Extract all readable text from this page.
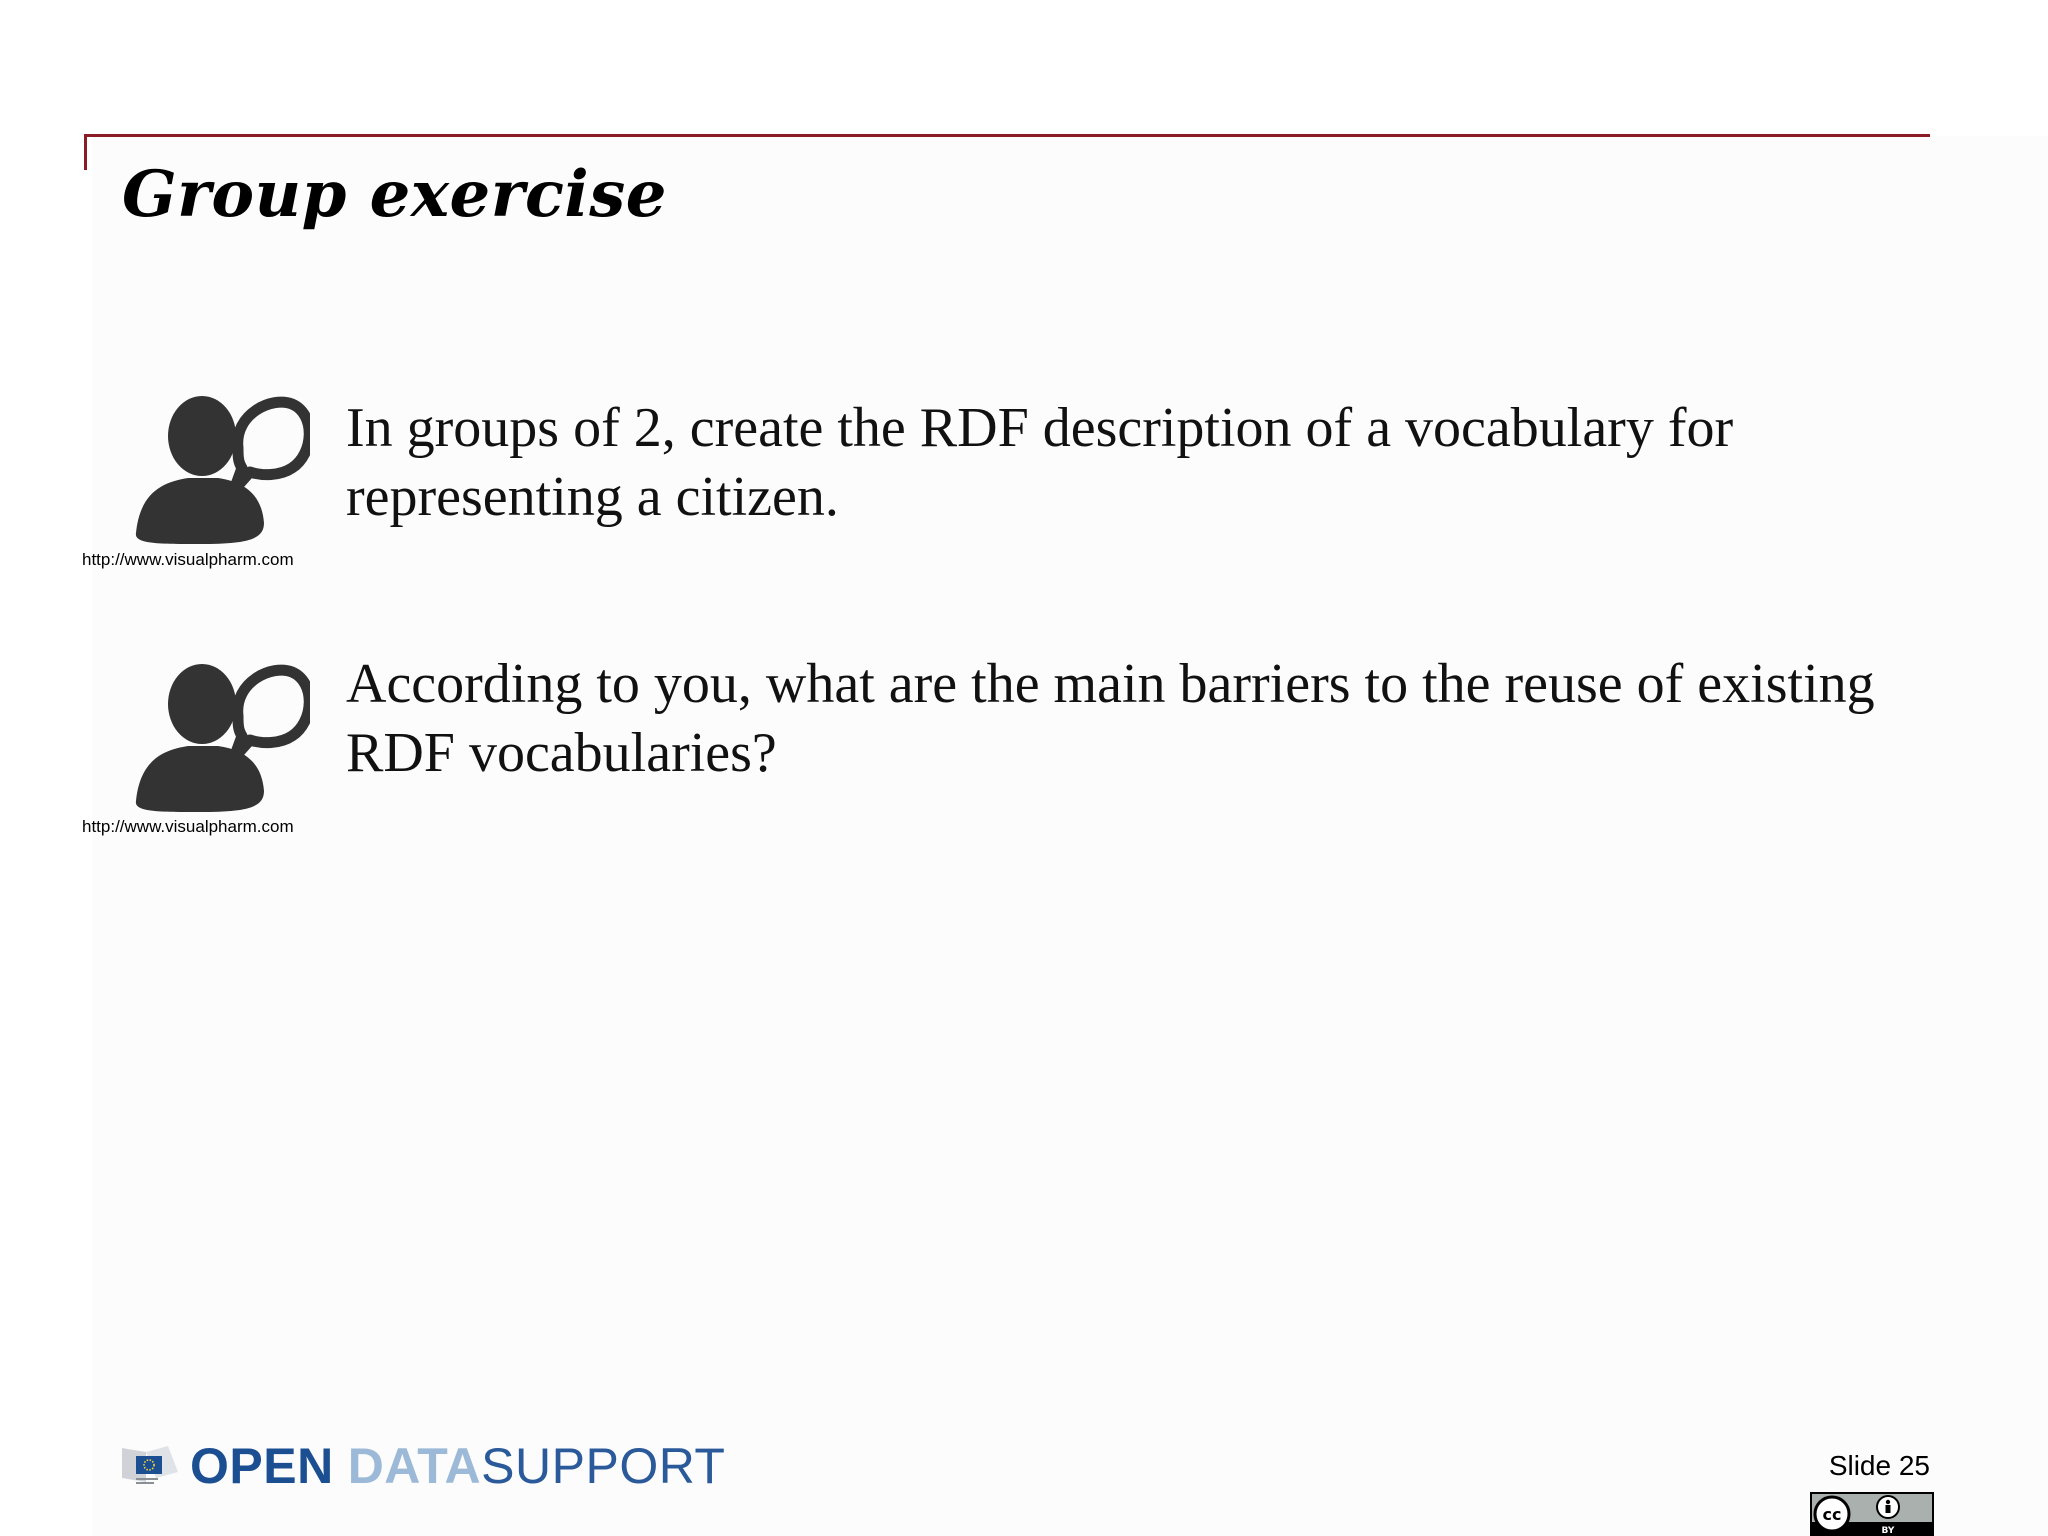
Group exercise
http://www.visualpharm.com

In groups of 2, create the RDF description of a vocabulary for representing a citizen.

http://www.visualpharm.com

According to you, what are the main barriers to the reuse of existing RDF vocabularies?

OPEN DATA SUPPORT	Slide 25
cc
BY
